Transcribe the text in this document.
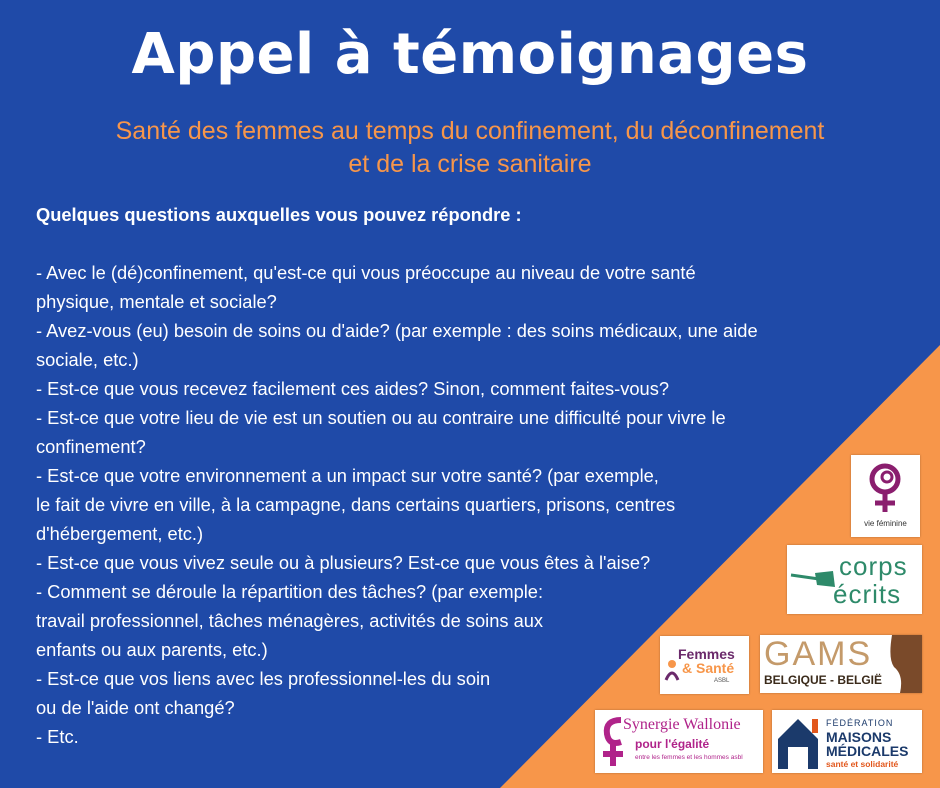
Appel à témoignages
Santé des femmes au temps du confinement, du déconfinement
et de la crise sanitaire
Quelques questions auxquelles vous pouvez répondre :
- Avec le (dé)confinement, qu'est-ce qui vous préoccupe au niveau de votre santé
physique, mentale et sociale?
- Avez-vous (eu) besoin de soins ou d'aide? (par exemple : des soins médicaux, une aide
sociale, etc.)
- Est-ce que vous recevez facilement ces aides? Sinon, comment faites-vous?
- Est-ce que votre lieu de vie est un soutien ou au contraire une difficulté pour vivre le
confinement?
- Est-ce que votre environnement a un impact sur votre santé? (par exemple,
le fait de vivre en ville, à la campagne, dans certains quartiers, prisons, centres
d'hébergement, etc.)
- Est-ce que vous vivez seule ou à plusieurs? Est-ce que vous êtes à l'aise?
- Comment se déroule la répartition des tâches? (par exemple:
travail professionnel, tâches ménagères, activités de soins aux
enfants ou aux parents, etc.)
- Est-ce que vos liens avec les professionnel-les du soin
ou de l'aide ont changé?
- Etc.
vie féminine
corps
écrits
Femmes
& Santé
ASBL
GAMS
BELGIQUE - BELGIË
Synergie Wallonie
pour l'égalité
entre les femmes et les hommes asbl
FÉDÉRATION
MAISONS
MÉDICALES
santé et solidarité
